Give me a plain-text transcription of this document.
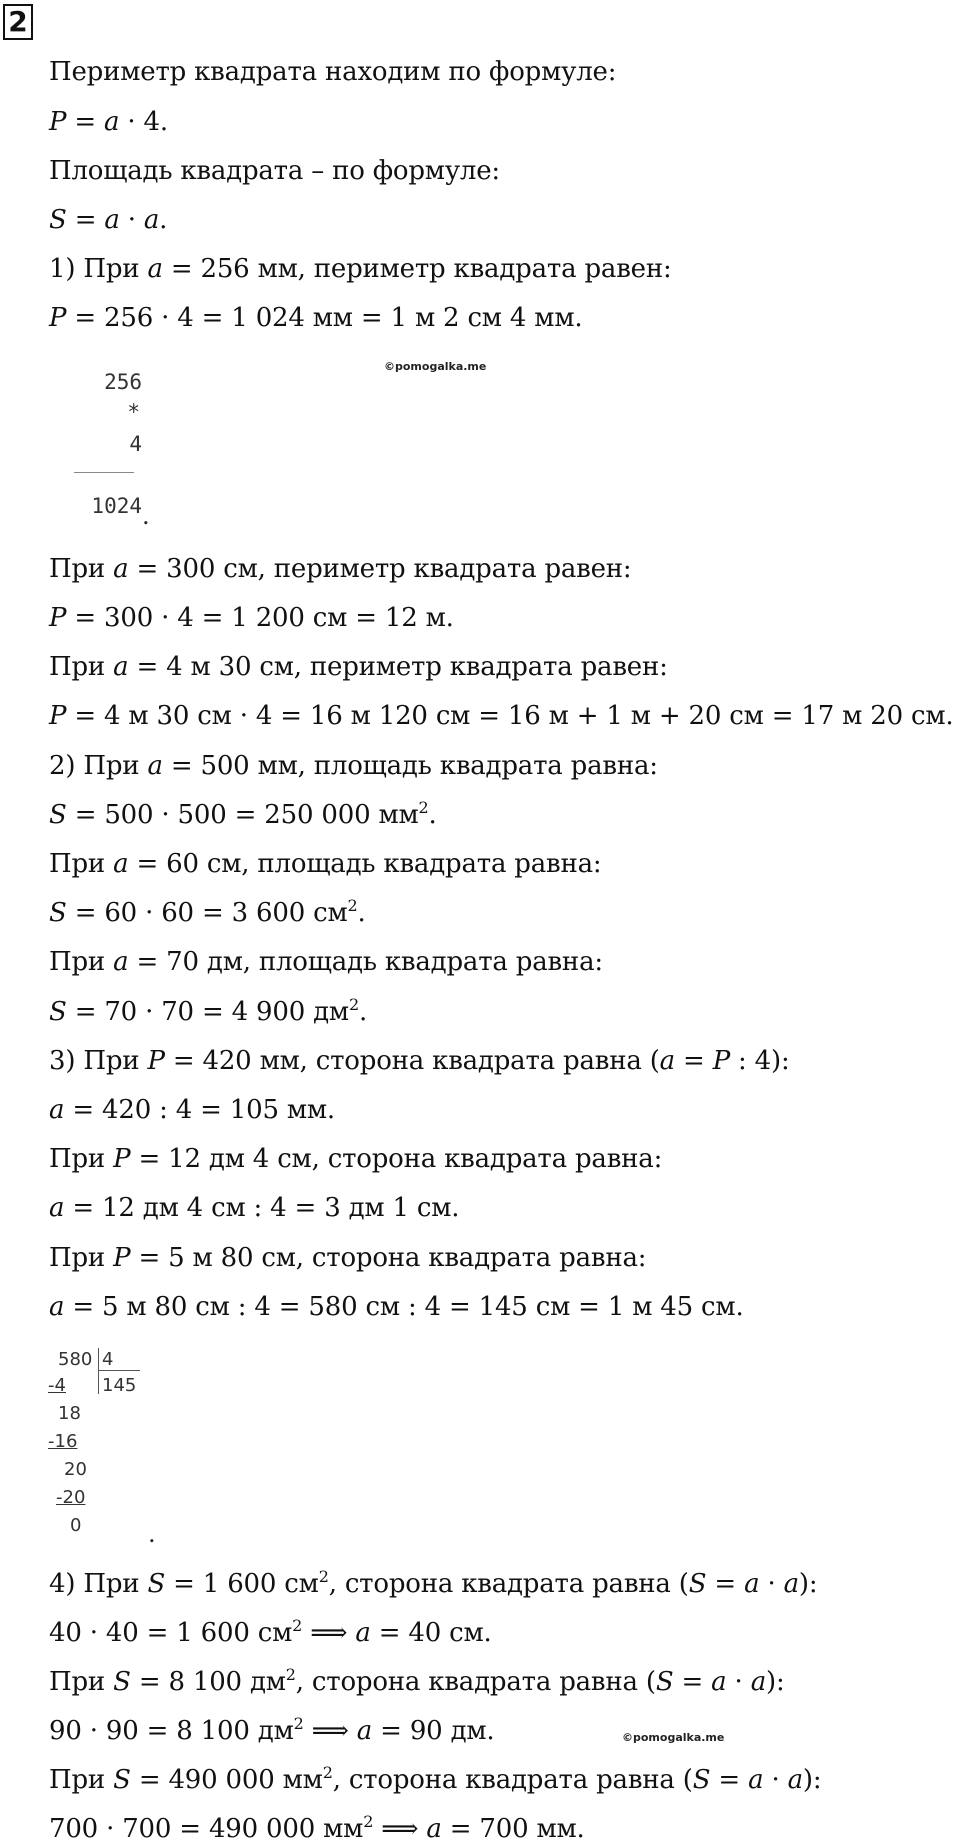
2
Периметр квадрата находим по формуле:
P = a · 4.
Площадь квадрата – по формуле:
S = a · a.
1) При a = 256 мм, периметр квадрата равен:
P = 256 · 4 = 1 024 мм = 1 м 2 см 4 мм.
©pomogalka.me
256
*
4
1024 .
При a = 300 см, периметр квадрата равен:
P = 300 · 4 = 1 200 см = 12 м.
При a = 4 м 30 см, периметр квадрата равен:
P = 4 м 30 см · 4 = 16 м 120 см = 16 м + 1 м + 20 см = 17 м 20 см.
2) При a = 500 мм, площадь квадрата равна:
S = 500 · 500 = 250 000 $мм^2$.
При a = 60 см, площадь квадрата равна:
S = 60 · 60 = 3 600 $см^2$.
При a = 70 дм, площадь квадрата равна:
S = 70 · 70 = 4 900 $дм^2$.
3) При P = 420 мм, сторона квадрата равна (a = P : 4):
a = 420 : 4 = 105 мм.
При P = 12 дм 4 см, сторона квадрата равна:
a = 12 дм 4 см : 4 = 3 дм 1 см.
При P = 5 м 80 см, сторона квадрата равна:
a = 5 м 80 см : 4 = 580 см : 4 = 145 см = 1 м 45 см.
580 4
145
-4
18
-16
20
-20
0	.
4) При S = 1 600 $см^2$, сторона квадрата равна (S = a · a):
40 · 40 = 1 600 $см^2$ ⟹ a = 40 см.
При S = 8 100 $дм^2$, сторона квадрата равна (S = a · a):
90 · 90 = 8 100 $дм^2$ ⟹ a = 90 дм.	©pomogalka.me
При S = 490 000 $мм^2$, сторона квадрата равна (S = a · a):
700 · 700 = 490 000 $мм^2$ ⟹ a = 700 мм.
